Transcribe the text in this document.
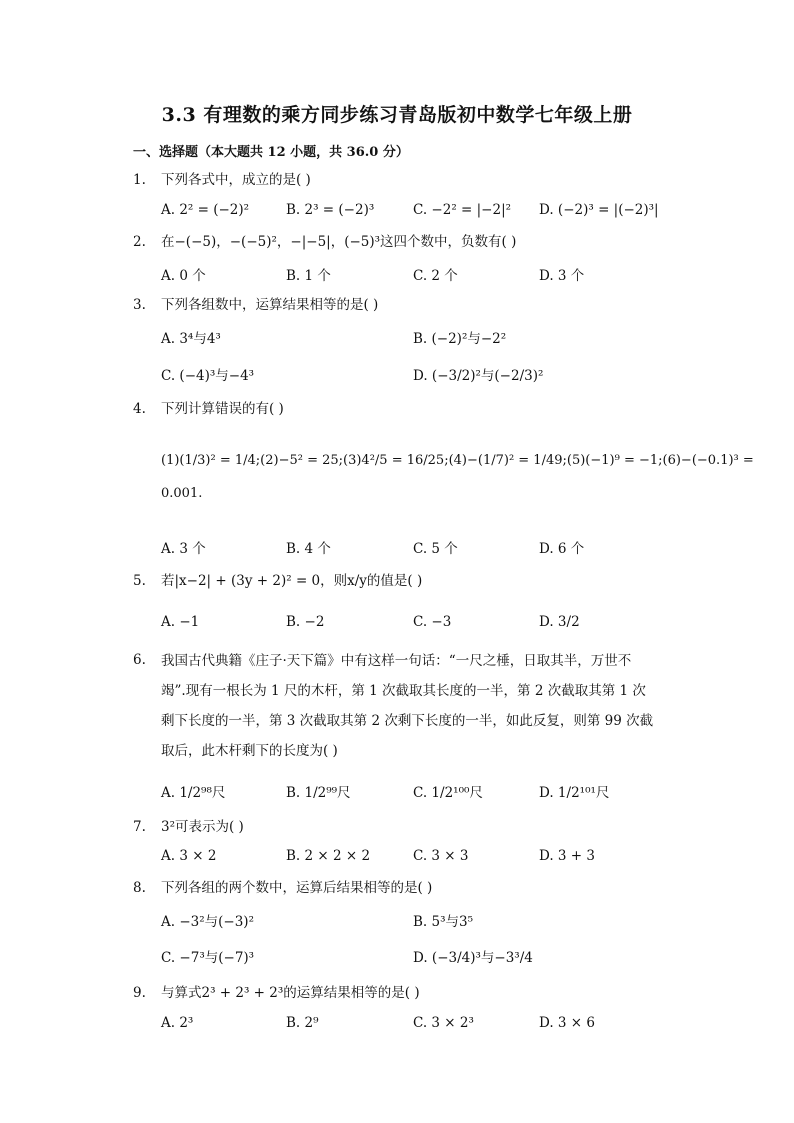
3.3 有理数的乘方同步练习青岛版初中数学七年级上册
一、选择题（本大题共 12 小题，共 36.0 分）
1. 下列各式中，成立的是( )
A. 2² = (−2)²	B. 2³ = (−2)³	C. −2² = |−2|² D. (−2)³ = |(−2)³|
2. 在−(−5)，−(−5)²，−|−5|，(−5)³这四个数中，负数有( )
A. 0 个	B. 1 个	C. 2 个	D. 3 个
3. 下列各组数中，运算结果相等的是( )
A. 3⁴与4³	B. (−2)²与−2²
C. (−4)³与−4³	D. (−3/2)²与(−2/3)²
4. 下列计算错误的有( )
(1)(1/3)² = 1/4;(2)−5² = 25;(3)4²/5 = 16/25;(4)−(1/7)² = 1/49;(5)(−1)⁹ = −1;(6)−(−0.1)³ =
0.001.
A. 3 个	B. 4 个	C. 5 个	D. 6 个
5. 若|x−2| + (3y + 2)² = 0，则x/y的值是( )
A. −1	B. −2	C. −3	D. 3/2
6.	我国古代典籍《庄子·天下篇》中有这样一句话：“一尺之棰，日取其半，万世不
竭”.现有一根长为 1 尺的木杆，第 1 次截取其长度的一半，第 2 次截取其第 1 次
剩下长度的一半，第 3 次截取其第 2 次剩下长度的一半，如此反复，则第 99 次截
取后，此木杆剩下的长度为( )
A. 1/2⁹⁸尺	B. 1/2⁹⁹尺	C. 1/2¹⁰⁰尺	D. 1/2¹⁰¹尺
7. 3²可表示为( )
A. 3 × 2	B. 2 × 2 × 2	C. 3 × 3	D. 3 + 3
8. 下列各组的两个数中，运算后结果相等的是( )
A. −3²与(−3)²	B. 5³与3⁵
C. −7³与(−7)³	D. (−3/4)³与−3³/4
9. 与算式2³ + 2³ + 2³的运算结果相等的是( )
A. 2³	B. 2⁹	C. 3 × 2³	D. 3 × 6
